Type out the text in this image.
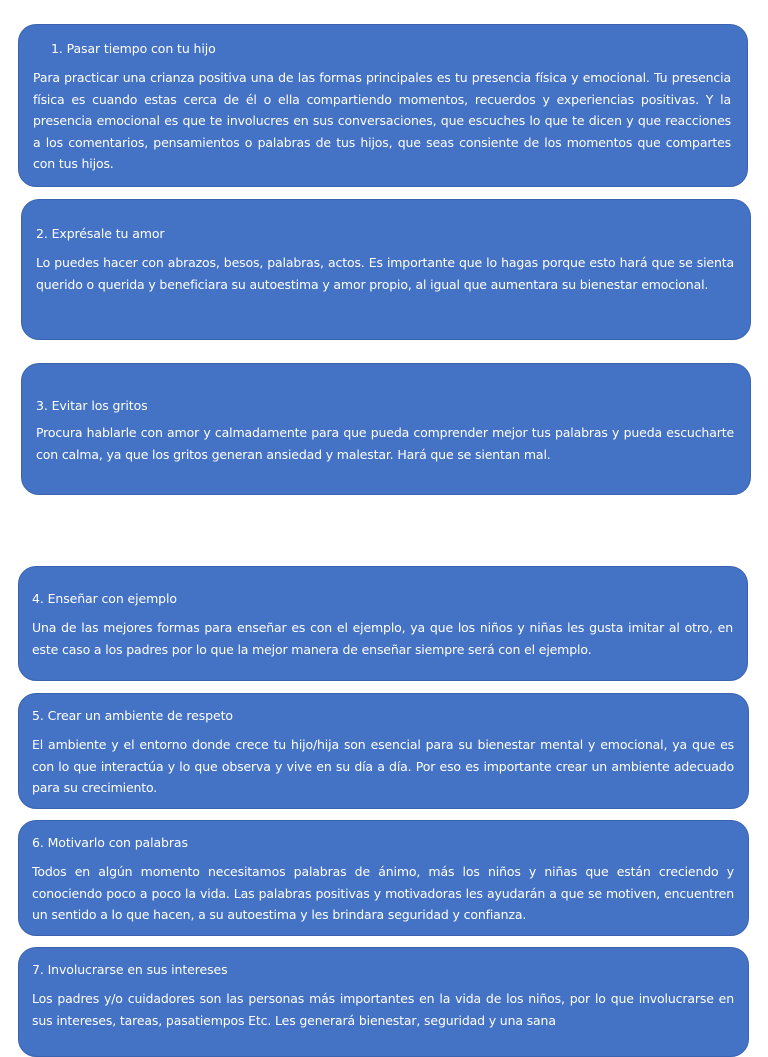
1. Pasar tiempo con tu hijo

Para practicar una crianza positiva una de las formas principales es tu presencia física y emocional. Tu presencia física es cuando estas cerca de él o ella compartiendo momentos, recuerdos y experiencias positivas. Y la presencia emocional es que te involucres en sus conversaciones, que escuches lo que te dicen y que reacciones a los comentarios, pensamientos o palabras de tus hijos, que seas consiente de los momentos que compartes con tus hijos.

2. Exprésale tu amor

Lo puedes hacer con abrazos, besos, palabras, actos. Es importante que lo hagas porque esto hará que se sienta querido o querida y beneficiara su autoestima y amor propio, al igual que aumentara su bienestar emocional.

3. Evitar los gritos

Procura hablarle con amor y calmadamente para que pueda comprender mejor tus palabras y pueda escucharte con calma, ya que los gritos generan ansiedad y malestar. Hará que se sientan mal.

4. Enseñar con ejemplo

Una de las mejores formas para enseñar es con el ejemplo, ya que los niños y niñas les gusta imitar al otro, en este caso a los padres por lo que la mejor manera de enseñar siempre será con el ejemplo.

5. Crear un ambiente de respeto

El ambiente y el entorno donde crece tu hijo/hija son esencial para su bienestar mental y emocional, ya que es con lo que interactúa y lo que observa y vive en su día a día. Por eso es importante crear un ambiente adecuado para su crecimiento.

6. Motivarlo con palabras

Todos en algún momento necesitamos palabras de ánimo, más los niños y niñas que están creciendo y conociendo poco a poco la vida. Las palabras positivas y motivadoras les ayudarán a que se motiven, encuentren un sentido a lo que hacen, a su autoestima y les brindara seguridad y confianza.

7. Involucrarse en sus intereses

Los padres y/o cuidadores son las personas más importantes en la vida de los niños, por lo que involucrarse en sus intereses, tareas, pasatiempos Etc. Les generará bienestar, seguridad y una sana
